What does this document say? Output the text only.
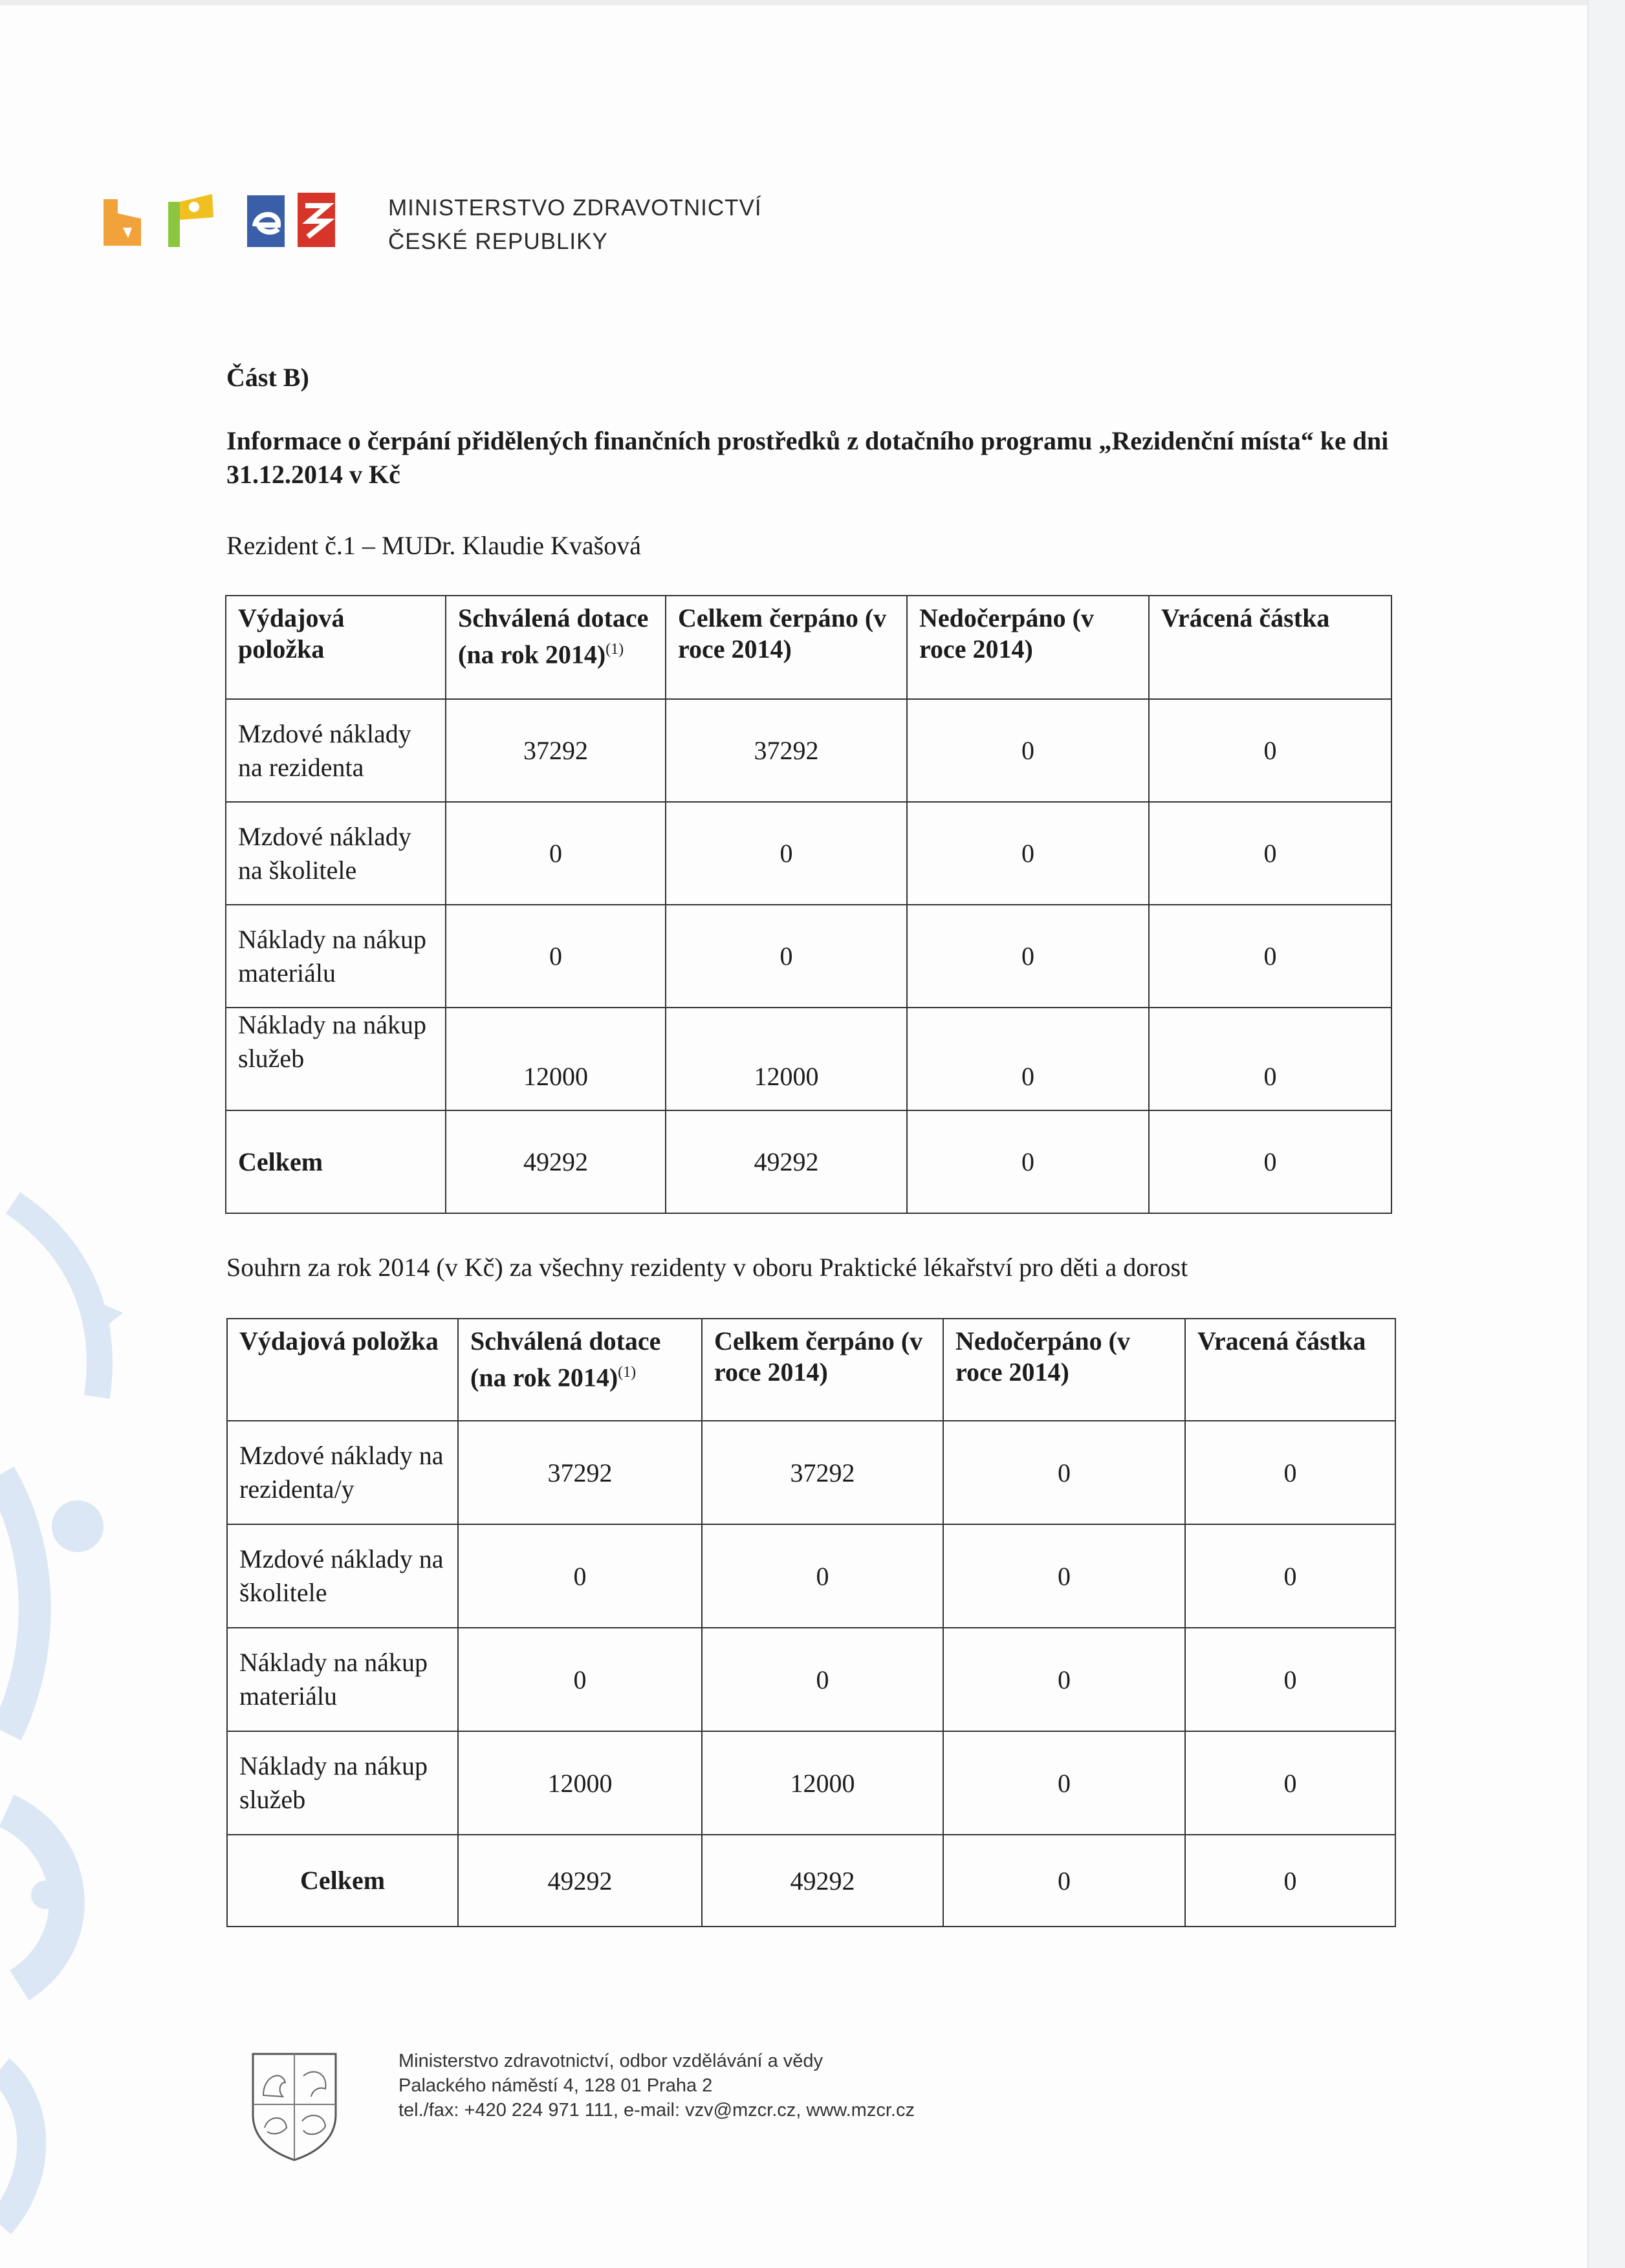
MINISTERSTVO ZDRAVOTNICTVÍ
ČESKÉ REPUBLIKY
Část B)
Informace o čerpání přidělených finančních prostředků z dotačního programu „Rezidenční místa“ ke dni 31.12.2014 v Kč
Rezident č.1 – MUDr. Klaudie Kvašová
Výdajová položka	Schválená dotace (na rok 2014)$^{(1)}$	Celkem čerpáno (v roce 2014)	Nedočerpáno (v roce 2014)	Vrácená částka
Mzdové náklady na rezidenta	37292	37292	0	0
Mzdové náklady na školitele	0	0	0	0
Náklady na nákup materiálu	0	0	0	0
Náklady na nákup služeb	12000	12000	0	0
Celkem	49292	49292	0	0
Souhrn za rok 2014 (v Kč) za všechny rezidenty v oboru Praktické lékařství pro děti a dorost
Výdajová položka	Schválená dotace (na rok 2014)$^{(1)}$	Celkem čerpáno (v roce 2014)	Nedočerpáno (v roce 2014)	Vracená částka
Mzdové náklady na rezidenta/y	37292	37292	0	0
Mzdové náklady na školitele	0	0	0	0
Náklady na nákup materiálu	0	0	0	0
Náklady na nákup služeb	12000	12000	0	0
Celkem	49292	49292	0	0
Ministerstvo zdravotnictví, odbor vzdělávání a vědy
Palackého náměstí 4, 128 01 Praha 2
tel./fax: +420 224 971 111, e-mail: vzv@mzcr.cz, www.mzcr.cz
